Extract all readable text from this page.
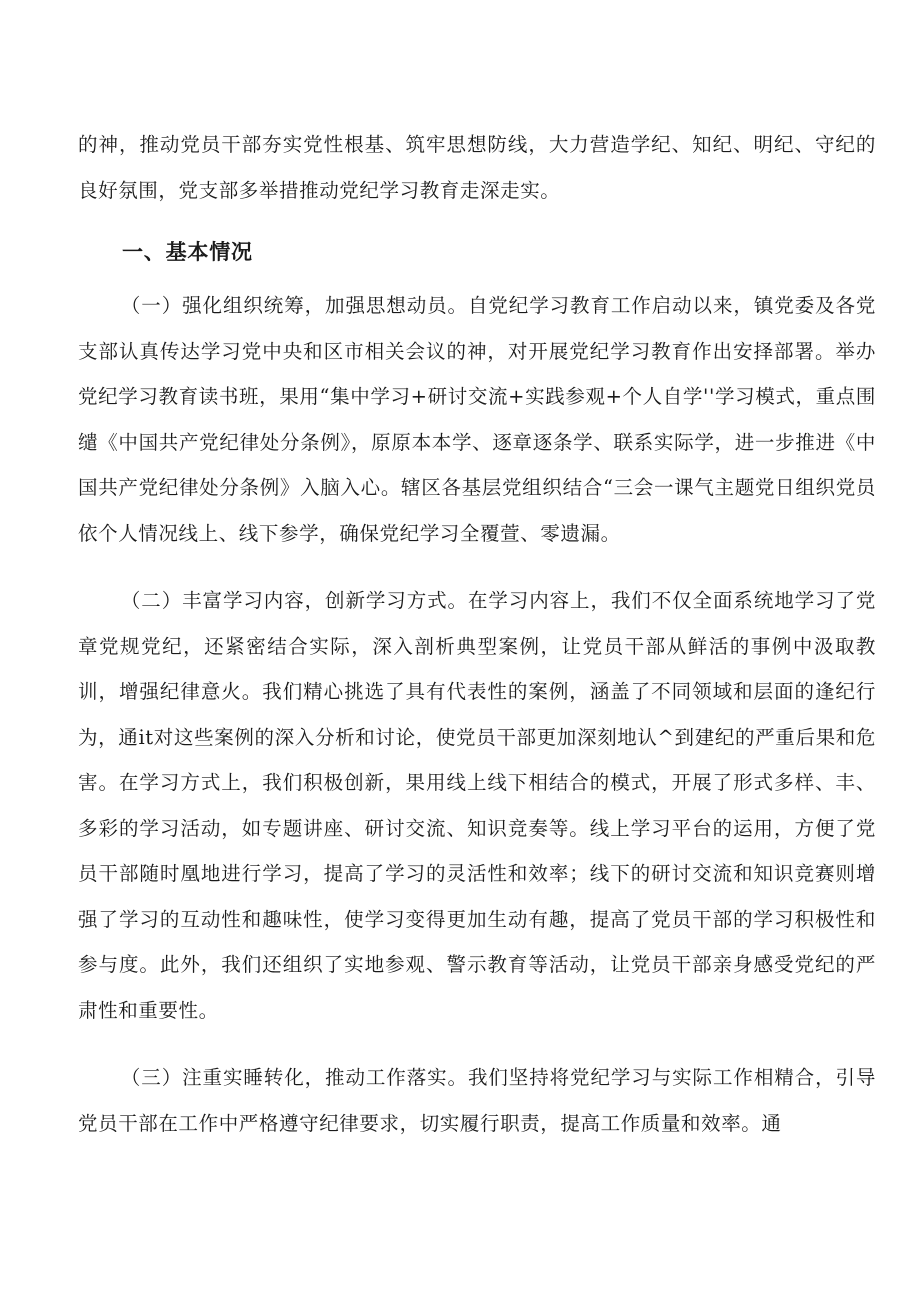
的神，推动党员干部夯实党性根基、筑牢思想防线，大力营造学纪、知纪、明纪、守纪的良好氛围，党支部多举措推动党纪学习教育走深走实。

一、基本情况

（一）强化组织统筹，加强思想动员。自党纪学习教育工作启动以来，镇党委及各党支部认真传达学习党中央和区市相关会议的神，对开展党纪学习教育作出安择部署。举办党纪学习教育读书班，果用“集中学习+研讨交流+实践参观+个人自学''学习模式，重点围缱《中国共产党纪律处分条例》，原原本本学、逐章逐条学、联系实际学，进一步推进《中国共产党纪律处分条例》入脑入心。辖区各基层党组织结合“三会一课气主题党日组织党员依个人情况线上、线下参学，确保党纪学习全覆萱、零遗漏。

（二）丰富学习内容，创新学习方式。在学习内容上，我们不仅全面系统地学习了党章党规党纪，还紧密结合实际，深入剖析典型案例，让党员干部从鲜活的事例中汲取教训，增强纪律意火。我们精心挑选了具有代表性的案例，涵盖了不同领域和层面的逢纪行为，通it对这些案例的深入分析和讨论，使党员干部更加深刻地认^到建纪的严重后果和危害。在学习方式上，我们积极创新，果用线上线下相结合的模式，开展了形式多样、丰、多彩的学习活动，如专题讲座、研讨交流、知识竞奏等。线上学习平台的运用，方便了党员干部随时凰地进行学习，提高了学习的灵活性和效率；线下的研讨交流和知识竞赛则增强了学习的互动性和趣味性，使学习变得更加生动有趣，提高了党员干部的学习积极性和参与度。此外，我们还组织了实地参观、警示教育等活动，让党员干部亲身感受党纪的严肃性和重要性。

（三）注重实睡转化，推动工作落实。我们坚持将党纪学习与实际工作相精合，引导党员干部在工作中严格遵守纪律要求，切实履行职责，提高工作质量和效率。通
